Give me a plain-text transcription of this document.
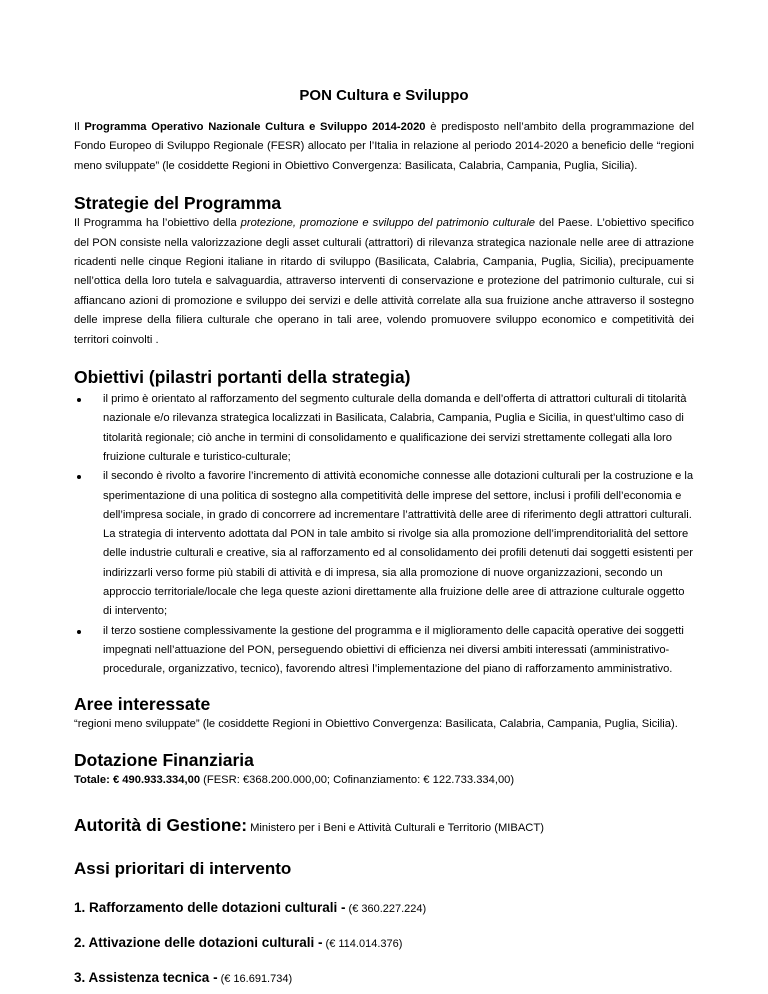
PON Cultura e Sviluppo

Il Programma Operativo Nazionale Cultura e Sviluppo 2014-2020 è predisposto nell’ambito della programmazione del Fondo Europeo di Sviluppo Regionale (FESR) allocato per l’Italia in relazione al periodo 2014-2020 a beneficio delle “regioni meno sviluppate” (le cosiddette Regioni in Obiettivo Convergenza: Basilicata, Calabria, Campania, Puglia, Sicilia).

Strategie del Programma

Il Programma ha l’obiettivo della protezione, promozione e sviluppo del patrimonio culturale del Paese. L’obiettivo specifico del PON consiste nella valorizzazione degli asset culturali (attrattori) di rilevanza strategica nazionale nelle aree di attrazione ricadenti nelle cinque Regioni italiane in ritardo di sviluppo (Basilicata, Calabria, Campania, Puglia, Sicilia), precipuamente nell’ottica della loro tutela e salvaguardia, attraverso interventi di conservazione e protezione del patrimonio culturale, cui si affiancano azioni di promozione e sviluppo dei servizi e delle attività correlate alla sua fruizione anche attraverso il sostegno delle imprese della filiera culturale che operano in tali aree, volendo promuovere sviluppo economico e competitività dei territori coinvolti .

Obiettivi (pilastri portanti della strategia)
il primo è orientato al rafforzamento del segmento culturale della domanda e dell’offerta di attrattori culturali di titolarità nazionale e/o rilevanza strategica localizzati in Basilicata, Calabria, Campania, Puglia e Sicilia, in quest’ultimo caso di titolarità regionale; ciò anche in termini di consolidamento e qualificazione dei servizi strettamente collegati alla loro fruizione culturale e turistico-culturale;
il secondo è rivolto a favorire l’incremento di attività economiche connesse alle dotazioni culturali per la costruzione e la sperimentazione di una politica di sostegno alla competitività delle imprese del settore, inclusi i profili dell’economia e dell’impresa sociale, in grado di concorrere ad incrementare l’attrattività delle aree di riferimento degli attrattori culturali. La strategia di intervento adottata dal PON in tale ambito si rivolge sia alla promozione dell’imprenditorialità del settore delle industrie culturali e creative, sia al rafforzamento ed al consolidamento dei profili detenuti dai soggetti esistenti per indirizzarli verso forme più stabili di attività e di impresa, sia alla promozione di nuove organizzazioni, secondo un approccio territoriale/locale che lega queste azioni direttamente alla fruizione delle aree di attrazione culturale oggetto di intervento;
il terzo sostiene complessivamente la gestione del programma e il miglioramento delle capacità operative dei soggetti impegnati nell’attuazione del PON, perseguendo obiettivi di efficienza nei diversi ambiti interessati (amministrativo-procedurale, organizzativo, tecnico), favorendo altresì l’implementazione del piano di rafforzamento amministrativo.
Aree interessate

“regioni meno sviluppate” (le cosiddette Regioni in Obiettivo Convergenza: Basilicata, Calabria, Campania, Puglia, Sicilia).

Dotazione Finanziaria

Totale: € 490.933.334,00 (FESR: €368.200.000,00; Cofinanziamento: € 122.733.334,00)

Autorità di Gestione: Ministero per i Beni e Attività Culturali e Territorio (MIBACT)
Assi prioritari di intervento
1. Rafforzamento delle dotazioni culturali - (€ 360.227.224)
2. Attivazione delle dotazioni culturali - (€ 114.014.376)
3. Assistenza tecnica - (€ 16.691.734)
